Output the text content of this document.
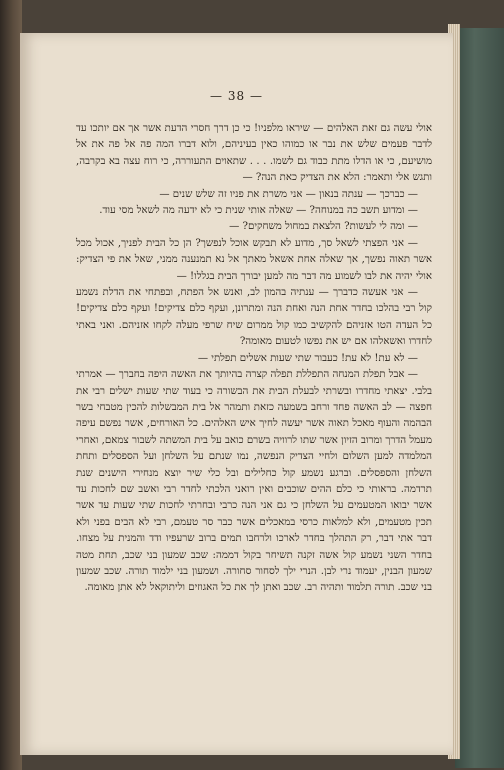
— 38 —

אולי עשה גם זאת האלהים — שיראו מלפניו! כי כן דרך חסרי הדעת אשר אך אם יותכו עד לדבר פעמים שלש את נבר או כמוהו כאין בעיניהם, ולוא דברו המה פה אל פה את אל מושיעם, כי או הדלו מתת כבוד גם לשמו. . . . שתאוים התעוררה, כי רוח עצה בא בקרבה, ותגש אלי ותאמר: הלא את הצדיק כאת הנה? —

— כברכך — ענתה בנאון — אני משרת את פניו זה שלש שנים —

— ומדוע תשב כה במנוחה? — שאלה אותי שנית כי לא ידעה מה לשאל מסי עוד.

— ומה לי לעשות? הלצאת במחול משחקים? —

— אני הפצתי לשאל סך, מדוע לא תבקש אוכל לנפשך? הן כל הבית לפניך, אכול מכל אשר תאוה נפשך, אך שאלה אחת אשאל מאתך אל נא תמנענה ממני, שאל את פי הצדיק: אולי יהיה את לבו לשמוע מה דבר מה למען יבורך הבית בגללו! —

— אני אעשה כדברך — ענתיה בהמון לב, ואנש אל הפתח, ובפתחי את הדלת נשמע קול רבי בהלכו בחדר אחת הנה ואחת הנה ומתרונן, ועקף כלם צדיקים! ועקף כלם צדיקים! כל העדה הטו אזניהם להקשיב כמו קול ממרום שיח שרפי מעלה לקחו אזניהם. ואני באתי לחדרו ואשאלהו אם יש את נפשו לטעום מאומה?

— לא עת! לא עת! כעבור שתי שעות אשלים תפלתי —

— אבל תפלת המנחה התפללת תפלה קצרה בהיותך את האשה היפה בחברך — אמרתי בלבי. יצאתי מחדרו ובשרתי לבעלת הבית את הבשורה כי בעוד שתי שעות ישלים רבי את חפצה — לב האשה פחד ורחב בשמעה כזאת ותמהר אל בית המבשלות להכין מטבחי בשר הבהמה והעוף מאכל תאוה אשר יעשה לחיך איש האלהים. כל האורחים, אשר נפשם עיפה מעמל הדרך ומרוב הזיון אשר שתו לרוויה בשרם כואב על בית המשתה לשבור צמאם, ואחרי המלמדה למען השלום ולחיי הצדיק הנפשה, נמו שנתם על השלחן ועל הספסלים ותחת השלחן והספסלים. וברגע נשמע קול כחלילים ובל כלי שיר יוצא מנחירי הישנים שנת תרדמה. בראותי כי כלם ההים שוכבים ואין רואני הלכתי לחדר רבי ואשב שם לחכות עד אשר יבואו המטעמים על השלחן כי גם אני הנה כרבי ובחרתי לחכות שתי שעות עד אשר תכין מטעמים, ולא למלאות כרסי במאכלים אשר כבר סר טעמם, רבי לא הבים בפני ולא דבר אתי דבר, רק התהלך בחדר לארכו ולרחבו תמים ברוב שרעפיו ודד והמנית על מצחו. בחדר השני נשמע קול אשה זקנה תשיחר בקול דממה: שכב שמעון בני שכב, תחת מטה שמעון הבנין, יעמוד נרי לבן. הנרי ילך לסחור סחורה. ושמעון בני ילמוד תורה. שכב שמעון בני שכב. תורה תלמוד ותהיה רב. שכב ואתן לך את כל האגוזים וליתוקאל לא אתן מאומה.
